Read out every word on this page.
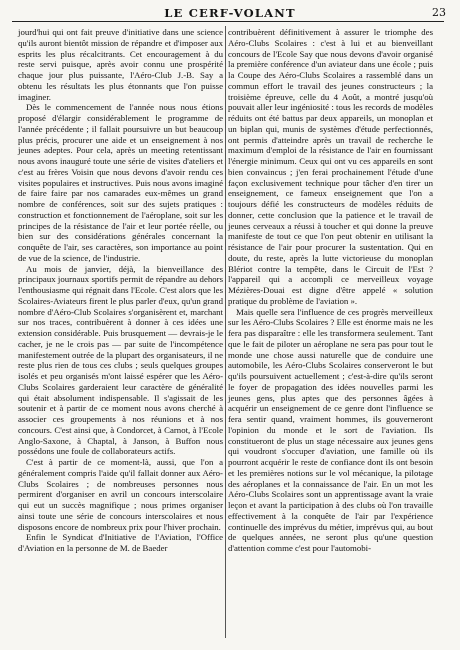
LE CERF-VOLANT	23

jourd'hui qui ont fait preuve d'initiative dans une science qu'ils auront bientôt mission de répandre et d'imposer aux esprits les plus récalcitrants. Cet encouragement à du reste servi puisque, après avoir connu une prospérité chaque jour plus puissante, l'Aéro-Club J.-B. Say a obtenu les résultats les plus étonnants que l'on puisse imaginer.

Dès le commencement de l'année nous nous étions proposé d'élargir considérablement le programme de l'année précédente ; il fallait poursuivre un but beaucoup plus précis, procurer une aide et un enseignement à nos jeunes adeptes. Pour cela, après un meeting retentissant nous avons inauguré toute une série de visites d'ateliers et c'est au frères Voisin que nous devons d'avoir rendu ces visites populaires et instructives. Puis nous avons imaginé de faire faire par nos camarades eux-mêmes un grand nombre de conférences, soit sur des sujets pratiques : construction et fonctionnement de l'aéroplane, soit sur les principes de la résistance de l'air et leur portée réelle, ou bien sur des considérations générales concernant la conquête de l'air, ses caractères, son importance au point de vue de la science, de l'industrie.

Au mois de janvier, déjà, la bienveillance des principaux journaux sportifs permit de répandre au dehors l'enthousiasme qui régnait dans l'Ecole. C'est alors que les Scolaires-Aviateurs firent le plus parler d'eux, qu'un grand nombre d'Aéro-Club Scolaires s'organisèrent et, marchant sur nos traces, contribuèrent à donner à ces idées une extension considérable. Puis brusquement — devrais-je le cacher, je ne le crois pas — par suite de l'incompétence manifestement outrée de la plupart des organisateurs, il ne reste plus rien de tous ces clubs ; seuls quelques groupes isolés et peu organisés m'ont laissé espérer que les Aéro-Clubs Scolaires garderaient leur caractère de généralité qui était absolument indispensable. Il s'agissait de les soutenir et à partir de ce moment nous avons cherché à associer ces groupements à nos réunions et à nos concours. C'est ainsi que, à Condorcet, à Carnot, à l'Ecole Anglo-Saxone, à Chaptal, à Janson, à Buffon nous possédons une foule de collaborateurs actifs.

C'est à partir de ce moment-là, aussi, que l'on a généralement compris l'aide qu'il fallait donner aux Aéro-Clubs Scolaires ; de nombreuses personnes nous permirent d'organiser en avril un concours interscolaire qui eut un succès magnifique ; nous primes organiser ainsi toute une série de concours interscolaires et nous disposons encore de nombreux prix pour l'hiver prochain.

Enfin le Syndicat d'Initiative de l'Aviation, l'Office d'Aviation en la personne de M. de Baeder

contribuèrent définitivement à assurer le triomphe des Aéro-Clubs Scolaires : c'est à lui et au bienveillant concours de l'Ecole Say que nous devons d'avoir organisé la première conférence d'un aviateur dans une école ; puis la Coupe des Aéro-Clubs Scolaires a rassemblé dans un commun effort le travail des jeunes constructeurs ; la troisième épreuve, celle du 4 Août, a montré jusqu'où pouvait aller leur ingéniosité : tous les records de modèles réduits ont été battus par deux appareils, un monoplan et un biplan qui, munis de systèmes d'étude perfectionnés, ont permis d'atteindre après un travail de recherche le maximum d'emploi de la résistance de l'air en fournissant l'énergie minimum. Ceux qui ont vu ces appareils en sont bien convaincus ; j'en ferai prochainement l'étude d'une façon exclusivement technique pour tâcher d'en tirer un enseignement, ce fameux enseignement que l'on a toujours défié les constructeurs de modèles réduits de donner, cette conclusion que la patience et le travail de jeunes cerveaux a réussi à toucher et qui donne la preuve manifeste de tout ce que l'on peut obtenir en utilisant la résistance de l'air pour procurer la sustentation. Qui en doute, du reste, après la lutte victorieuse du monoplan Blériot contre la tempête, dans le Circuit de l'Est ? l'appareil qui a accompli ce merveilleux voyage Mézières-Douai est digne d'être appelé « solution pratique du problème de l'aviation ».

Mais quelle sera l'influence de ces progrès merveilleux sur les Aéro-Clubs Scolaires ? Elle est énorme mais ne les fera pas disparaître : elle les transformera seulement. Tant que le fait de piloter un aéroplane ne sera pas pour tout le monde une chose aussi naturelle que de conduire une automobile, les Aéro-Clubs Scolaires conserveront le but qu'ils poursuivent actuellement ; c'est-à-dire qu'ils seront le foyer de propagation des idées nouvelles parmi les jeunes gens, plus aptes que des personnes âgées à acquérir un enseignement de ce genre dont l'influence se fera sentir quand, vraiment hommes, ils gouverneront l'opinion du monde et le sort de l'aviation. Ils constitueront de plus un stage nécessaire aux jeunes gens qui voudront s'occuper d'aviation, une famille où ils pourront acquérir le reste de confiance dont ils ont besoin et les premières notions sur le vol mécanique, la pilotage des aéroplanes et la connaissance de l'air. En un mot les Aéro-Clubs Scolaires sont un apprentissage avant la vraie leçon et avant la participation à des clubs où l'on travaille effectivement à la conquête de l'air par l'expérience continuelle des imprévus du métier, imprévus qui, au bout de quelques années, ne seront plus qu'une question d'attention comme c'est pour l'automobi-
